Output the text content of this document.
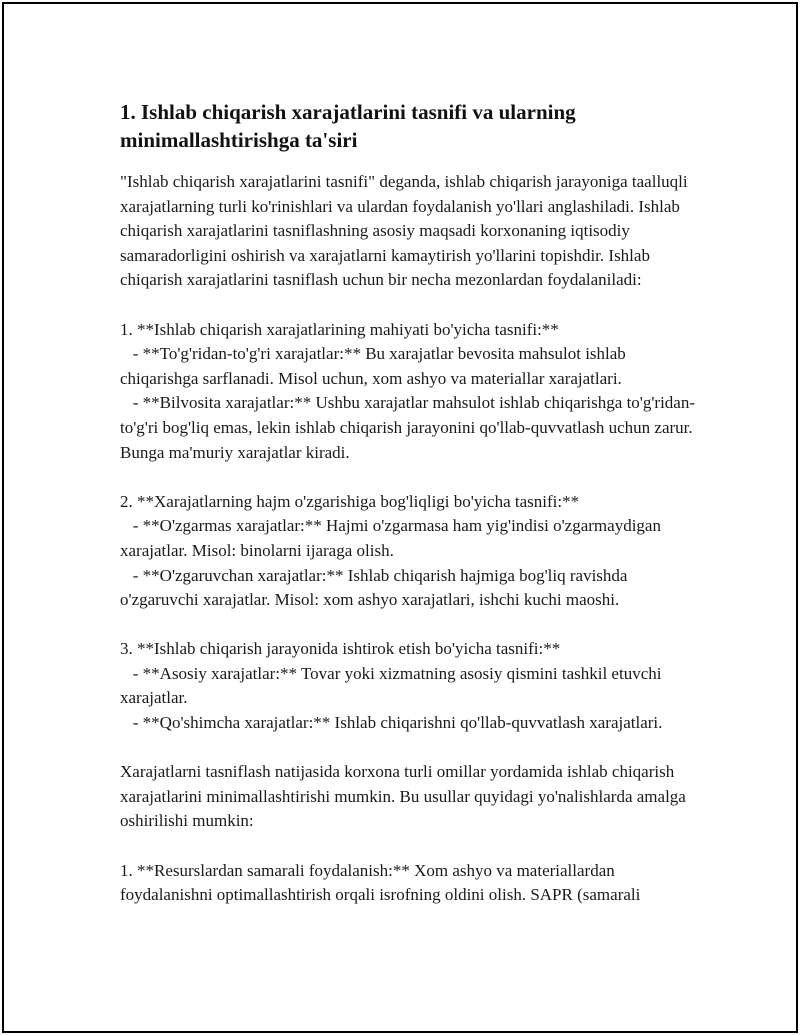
1. Ishlab chiqarish xarajatlarini tasnifi va ularning minimallashtirishga ta'siri

"Ishlab chiqarish xarajatlarini tasnifi" deganda, ishlab chiqarish jarayoniga taalluqli xarajatlarning turli ko'rinishlari va ulardan foydalanish yo'llari anglashiladi. Ishlab chiqarish xarajatlarini tasniflashning asosiy maqsadi korxonaning iqtisodiy samaradorligini oshirish va xarajatlarni kamaytirish yo'llarini topishdir. Ishlab chiqarish xarajatlarini tasniflash uchun bir necha mezonlardan foydalaniladi:

1. **Ishlab chiqarish xarajatlarining mahiyati bo'yicha tasnifi:**
- **To'g'ridan-to'g'ri xarajatlar:** Bu xarajatlar bevosita mahsulot ishlab chiqarishga sarflanadi. Misol uchun, xom ashyo va materiallar xarajatlari.
- **Bilvosita xarajatlar:** Ushbu xarajatlar mahsulot ishlab chiqarishga to'g'ridan-to'g'ri bog'liq emas, lekin ishlab chiqarish jarayonini qo'llab-quvvatlash uchun zarur. Bunga ma'muriy xarajatlar kiradi.

2. **Xarajatlarning hajm o'zgarishiga bog'liqligi bo'yicha tasnifi:**
- **O'zgarmas xarajatlar:** Hajmi o'zgarmasa ham yig'indisi o'zgarmaydigan xarajatlar. Misol: binolarni ijaraga olish.
- **O'zgaruvchan xarajatlar:** Ishlab chiqarish hajmiga bog'liq ravishda o'zgaruvchi xarajatlar. Misol: xom ashyo xarajatlari, ishchi kuchi maoshi.

3. **Ishlab chiqarish jarayonida ishtirok etish bo'yicha tasnifi:**
- **Asosiy xarajatlar:** Tovar yoki xizmatning asosiy qismini tashkil etuvchi xarajatlar.
- **Qo'shimcha xarajatlar:** Ishlab chiqarishni qo'llab-quvvatlash xarajatlari.

Xarajatlarni tasniflash natijasida korxona turli omillar yordamida ishlab chiqarish xarajatlarini minimallashtirishi mumkin. Bu usullar quyidagi yo'nalishlarda amalga oshirilishi mumkin:

1. **Resurslardan samarali foydalanish:** Xom ashyo va materiallardan foydalanishni optimallashtirish orqali isrofning oldini olish. SAPR (samarali
